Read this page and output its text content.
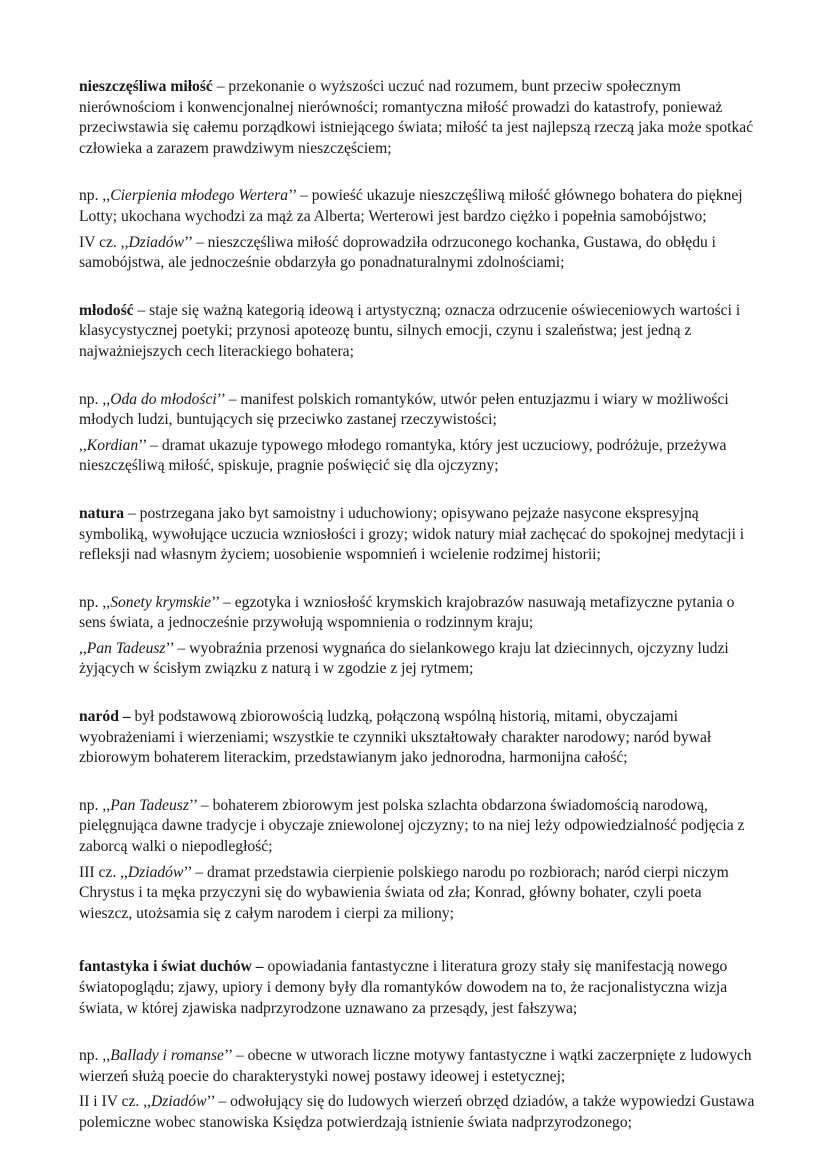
nieszczęśliwa miłość – przekonanie o wyższości uczuć nad rozumem, bunt przeciw społecznym nierównościom i konwencjonalnej nierówności; romantyczna miłość prowadzi do katastrofy, ponieważ przeciwstawia się całemu porządkowi istniejącego świata; miłość ta jest najlepszą rzeczą jaka może spotkać człowieka a zarazem prawdziwym nieszczęściem;

np. ,,Cierpienia młodego Wertera’’ – powieść ukazuje nieszczęśliwą miłość głównego bohatera do pięknej Lotty; ukochana wychodzi za mąż za Alberta; Werterowi jest bardzo ciężko i popełnia samobójstwo;

IV cz. ,,Dziadów’’ – nieszczęśliwa miłość doprowadziła odrzuconego kochanka, Gustawa, do obłędu i samobójstwa, ale jednocześnie obdarzyła go ponadnaturalnymi zdolnościami;

młodość – staje się ważną kategorią ideową i artystyczną; oznacza odrzucenie oświeceniowych wartości i klasycystycznej poetyki; przynosi apoteozę buntu, silnych emocji, czynu i szaleństwa; jest jedną z najważniejszych cech literackiego bohatera;

np. ,,Oda do młodości’’ – manifest polskich romantyków, utwór pełen entuzjazmu i wiary w możliwości młodych ludzi, buntujących się przeciwko zastanej rzeczywistości;

,,Kordian’’ – dramat ukazuje typowego młodego romantyka, który jest uczuciowy, podróżuje, przeżywa nieszczęśliwą miłość, spiskuje, pragnie poświęcić się dla ojczyzny;

natura – postrzegana jako byt samoistny i uduchowiony; opisywano pejzaże nasycone ekspresyjną symboliką, wywołujące uczucia wzniosłości i grozy; widok natury miał zachęcać do spokojnej medytacji i refleksji nad własnym życiem; uosobienie wspomnień i wcielenie rodzimej historii;

np. ,,Sonety krymskie’’ – egzotyka i wzniosłość krymskich krajobrazów nasuwają metafizyczne pytania o sens świata, a jednocześnie przywołują wspomnienia o rodzinnym kraju;

,,Pan Tadeusz’’ – wyobraźnia przenosi wygnańca do sielankowego kraju lat dziecinnych, ojczyzny ludzi żyjących w ścisłym związku z naturą i w zgodzie z jej rytmem;

naród – był podstawową zbiorowością ludzką, połączoną wspólną historią, mitami, obyczajami wyobrażeniami i wierzeniami; wszystkie te czynniki ukształtowały charakter narodowy; naród bywał zbiorowym bohaterem literackim, przedstawianym jako jednorodna, harmonijna całość;

np. ,,Pan Tadeusz’’ – bohaterem zbiorowym jest polska szlachta obdarzona świadomością narodową, pielęgnująca dawne tradycje i obyczaje zniewolonej ojczyzny; to na niej leży odpowiedzialność podjęcia z zaborcą walki o niepodległość;

III cz. ,,Dziadów’’ – dramat przedstawia cierpienie polskiego narodu po rozbiorach; naród cierpi niczym Chrystus i ta męka przyczyni się do wybawienia świata od zła; Konrad, główny bohater, czyli poeta wieszcz, utożsamia się z całym narodem i cierpi za miliony;

fantastyka i świat duchów – opowiadania fantastyczne i literatura grozy stały się manifestacją nowego światopoglądu; zjawy, upiory i demony były dla romantyków dowodem na to, że racjonalistyczna wizja świata, w której zjawiska nadprzyrodzone uznawano za przesądy, jest fałszywa;

np. ,,Ballady i romanse’’ – obecne w utworach liczne motywy fantastyczne i wątki zaczerpnięte z ludowych wierzeń służą poecie do charakterystyki nowej postawy ideowej i estetycznej;

II i IV cz. ,,Dziadów’’ – odwołujący się do ludowych wierzeń obrzęd dziadów, a także wypowiedzi Gustawa polemiczne wobec stanowiska Księdza potwierdzają istnienie świata nadprzyrodzonego;
